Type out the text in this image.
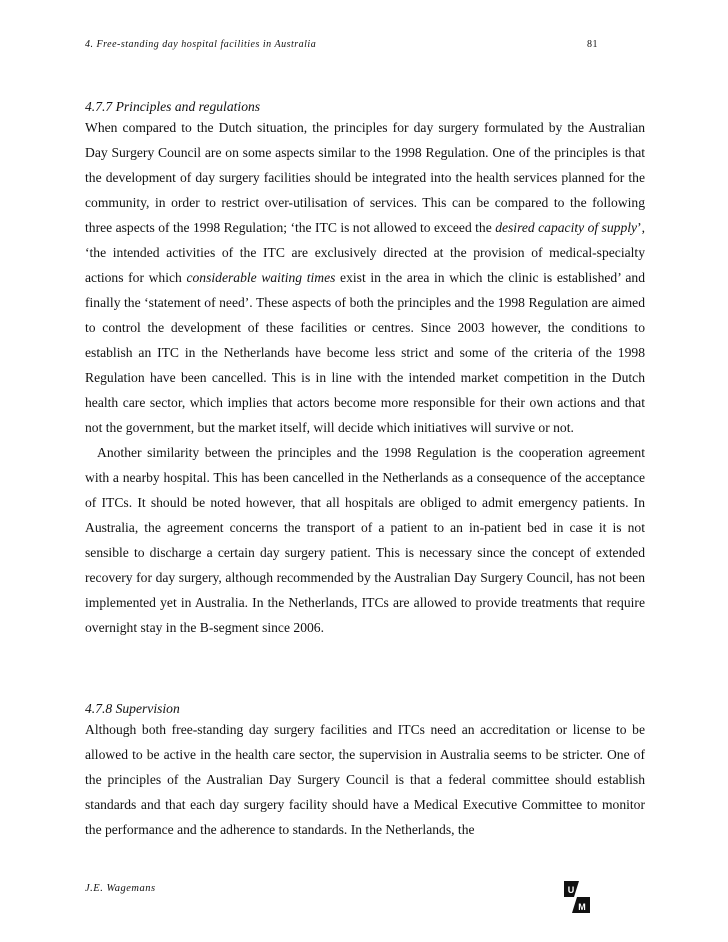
4. Free-standing day hospital facilities in Australia	81
4.7.7 Principles and regulations

When compared to the Dutch situation, the principles for day surgery formulated by the Australian Day Surgery Council are on some aspects similar to the 1998 Regulation. One of the principles is that the development of day surgery facilities should be integrated into the health services planned for the community, in order to restrict over-utilisation of services. This can be compared to the following three aspects of the 1998 Regulation; ‘the ITC is not allowed to exceed the desired capacity of supply’, ‘the intended activities of the ITC are exclusively directed at the provision of medical-specialty actions for which considerable waiting times exist in the area in which the clinic is established’ and finally the ‘statement of need’. These aspects of both the principles and the 1998 Regulation are aimed to control the development of these facilities or centres. Since 2003 however, the conditions to establish an ITC in the Netherlands have become less strict and some of the criteria of the 1998 Regulation have been cancelled. This is in line with the intended market competition in the Dutch health care sector, which implies that actors become more responsible for their own actions and that not the government, but the market itself, will decide which initiatives will survive or not.

Another similarity between the principles and the 1998 Regulation is the cooperation agreement with a nearby hospital. This has been cancelled in the Netherlands as a consequence of the acceptance of ITCs. It should be noted however, that all hospitals are obliged to admit emergency patients. In Australia, the agreement concerns the transport of a patient to an in-patient bed in case it is not sensible to discharge a certain day surgery patient. This is necessary since the concept of extended recovery for day surgery, although recommended by the Australian Day Surgery Council, has not been implemented yet in Australia. In the Netherlands, ITCs are allowed to provide treatments that require overnight stay in the B-segment since 2006.

4.7.8 Supervision

Although both free-standing day surgery facilities and ITCs need an accreditation or license to be allowed to be active in the health care sector, the supervision in Australia seems to be stricter. One of the principles of the Australian Day Surgery Council is that a federal committee should establish standards and that each day surgery facility should have a Medical Executive Committee to monitor the performance and the adherence to standards. In the Netherlands, the

J.E. Wagemans	U
M
